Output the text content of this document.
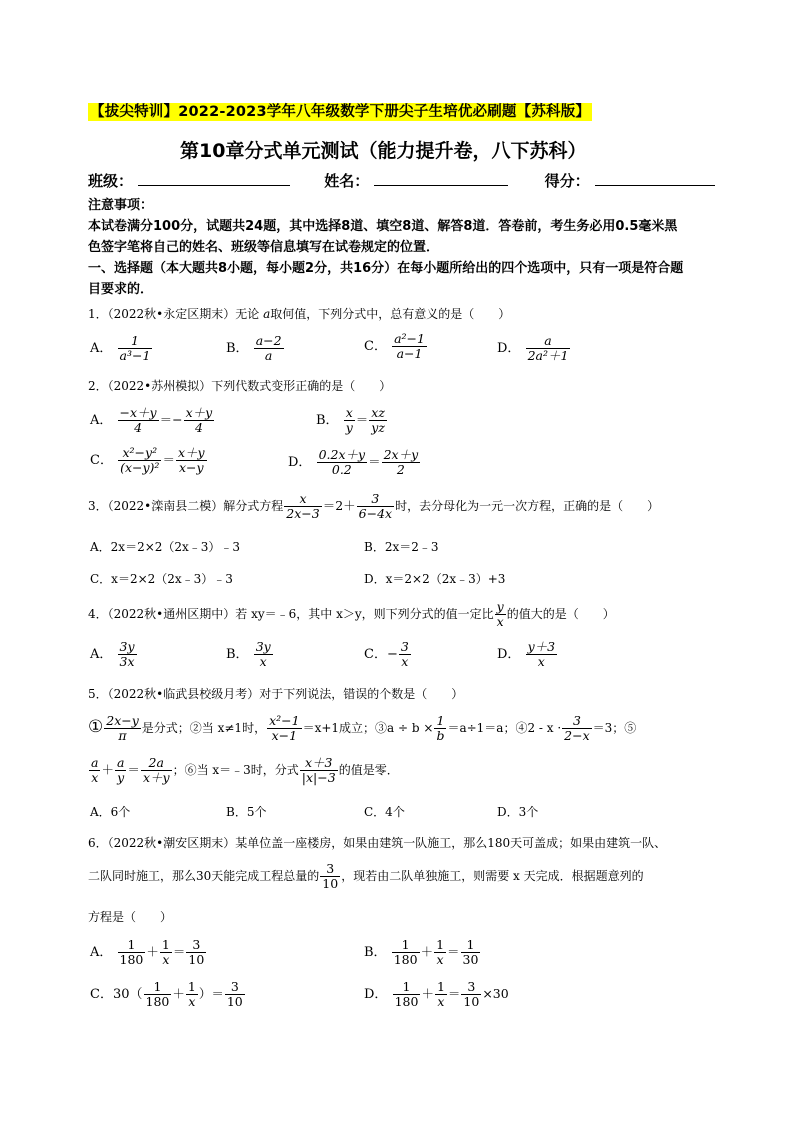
【拔尖特训】2022-2023学年八年级数学下册尖子生培优必刷题【苏科版】
第10章分式单元测试（能力提升卷，八下苏科）
班级：	姓名：	得分：
注意事项：
本试卷满分100分，试题共24题，其中选择8道、填空8道、解答8道．答卷前，考生务必用0.5毫米黑
色签字笔将自己的姓名、班级等信息填写在试卷规定的位置．
一、选择题（本大题共8小题，每小题2分，共16分）在每小题所给出的四个选项中，只有一项是符合题
目要求的．
1．（2022秋•永定区期末）无论 a取何值，下列分式中，总有意义的是（　　）
A． $\frac{1}{\text{a³−1}}$	B． $\frac{a-2}{a}$	C． $\frac{\text{a²−1}}{a-1}$	D． $\frac{a}{\text{2a²＋1}}$
2．（2022•苏州模拟）下列代数式变形正确的是（　　）
A． $\frac{-x+y}{4} =- \frac{x+y}{4}$	B． $\frac{x}{y} = \frac{xz}{yz}$
C． $\frac{\text{x²−y²}}{\text{(x−y)²}} = \frac{x+y}{x-y}$	D． $\frac{0.2x+y}{0.2} = \frac{2x+y}{2}$
3．（2022•滦南县二模）解分式方程 $\frac{x}{2x-3} =2+ \frac{3}{6-4x}$ 时，去分母化为一元一次方程，正确的是（　　）
A．2x＝2×2（2x﹣3）﹣3	B．2x＝2﹣3
C．x＝2×2（2x﹣3）﹣3	D．x＝2×2（2x﹣3）+3
4．（2022秋•通州区期中）若 xy＝﹣6，其中 x＞y，则下列分式的值一定比 $\frac{y}{x}$ 的值大的是（　　）
A． $\frac{3y}{3x}$	B． $\frac{3y}{x}$	C．− $\frac{3}{x}$	D． $\frac{y+3}{x}$
5．（2022秋•临武县校级月考）对于下列说法，错误的个数是（　　）
① $\frac{2x-y}{\pi}$ 是分式；②当 x≠1时， $\frac{\text{x²−1}}{x-1} =x+1$成立；③a ÷ $b \times \frac{1}{b} =a\div 1=a$；④2 - $x \cdot \frac{3}{2-x} =3$；⑤
$\frac{a}{x} + \frac{a}{y} = \frac{2a}{x+y}$ ；⑥当 x＝﹣3时，分式 $\frac{x+3}{|x|-3}$ 的值是零．
A．6个	B．5个	C．4个	D．3个
6．（2022秋•潮安区期末）某单位盖一座楼房，如果由建筑一队施工，那么180天可盖成；如果由建筑一队、
二队同时施工，那么30天能完成工程总量的 $\frac{3}{10}$ ，现若由二队单独施工，则需要 x 天完成．根据题意列的
方程是（　　）
A． $\frac{1}{180} + \frac{1}{x} = \frac{3}{10}$	B． $\frac{1}{180} + \frac{1}{x} = \frac{1}{30}$
C．$30( \frac{1}{180} + \frac{1}{x}$ ）＝ $\frac{3}{10}$	D． $\frac{1}{180} + \frac{1}{x} = \frac{3}{10} \times 30$
